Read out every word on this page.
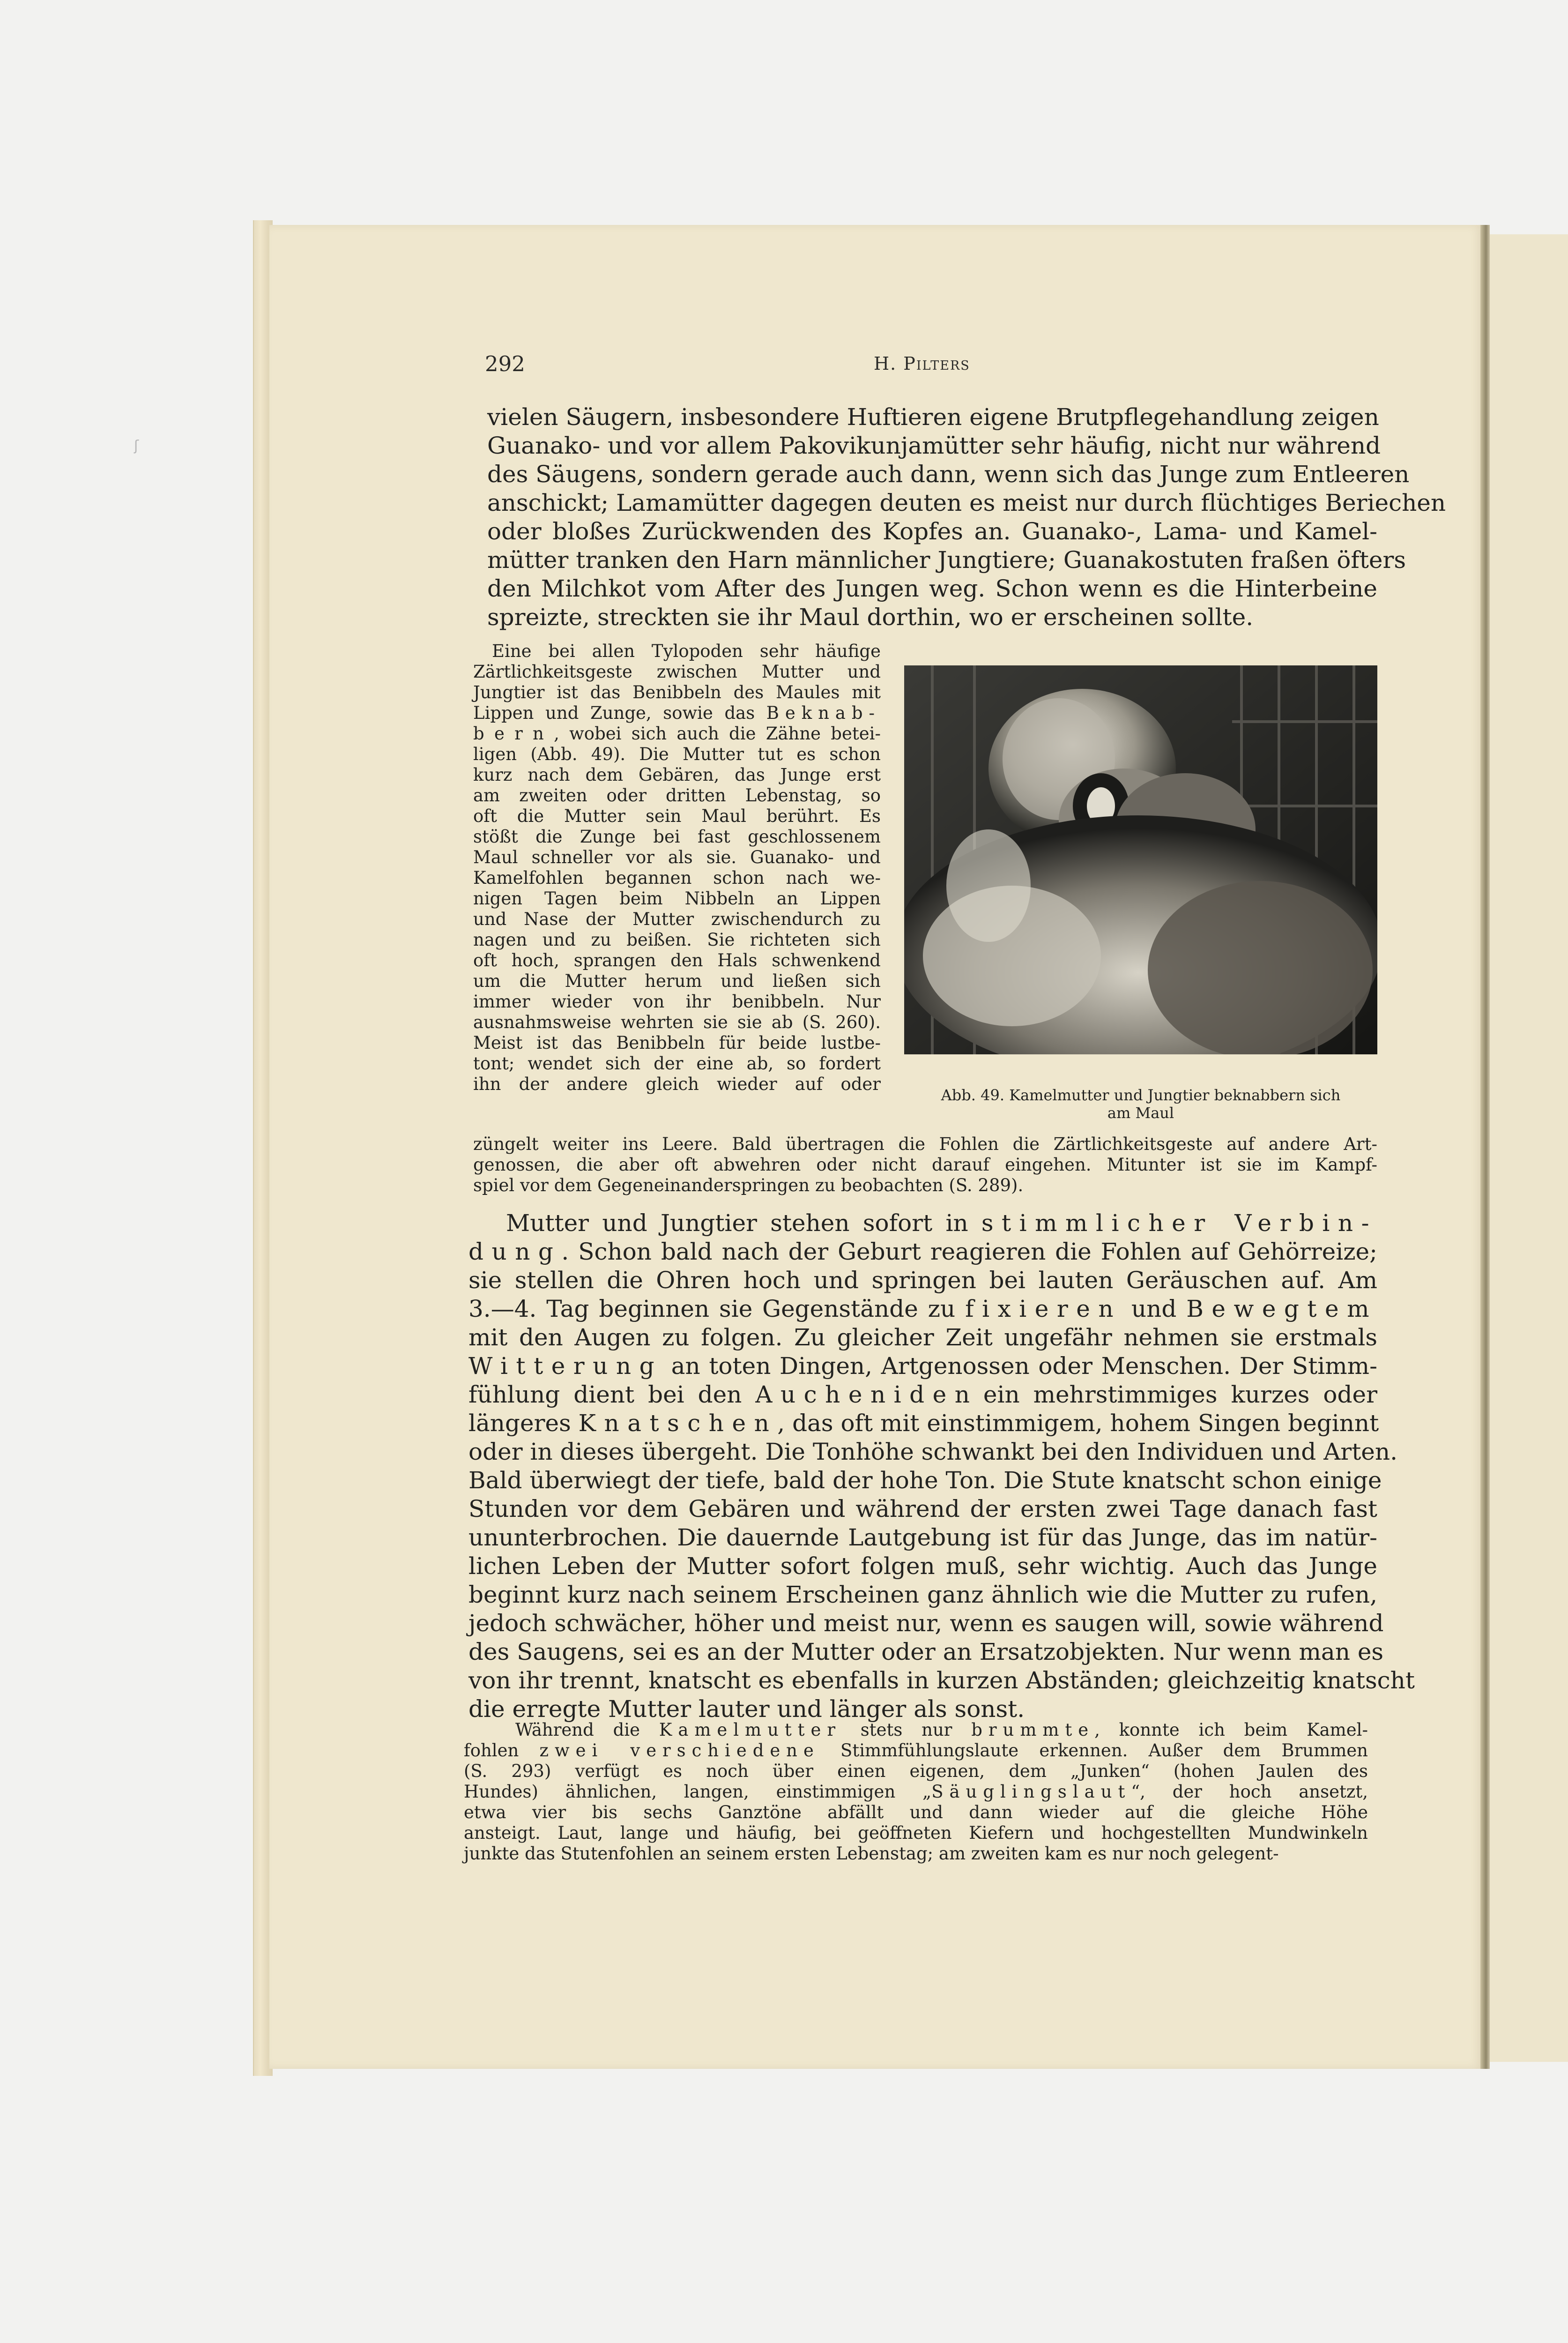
ʃ
292	H. Pilters
vielen Säugern, insbesondere Huftieren eigene Brutpflegehandlung zeigen
Guanako- und vor allem Pakovikunjamütter sehr häufig, nicht nur während
des Säugens, sondern gerade auch dann, wenn sich das Junge zum Entleeren
anschickt; Lamamütter dagegen deuten es meist nur durch flüchtiges Beriechen
oder bloßes Zurückwenden des Kopfes an. Guanako-, Lama- und Kamel-
mütter tranken den Harn männlicher Jungtiere; Guanakostuten fraßen öfters
den Milchkot vom After des Jungen weg. Schon wenn es die Hinterbeine
spreizte, streckten sie ihr Maul dorthin, wo er erscheinen sollte.
Eine bei allen Tylopoden sehr häufige
Zärtlichkeitsgeste zwischen Mutter und
Jungtier ist das Benibbeln des Maules mit
Lippen und Zunge, sowie das Beknab-
b e r n , wobei sich auch die Zähne betei-
ligen (Abb. 49). Die Mutter tut es schon
kurz nach dem Gebären, das Junge erst
am zweiten oder dritten Lebenstag, so
oft die Mutter sein Maul berührt. Es
stößt die Zunge bei fast geschlossenem
Maul schneller vor als sie. Guanako- und
Kamelfohlen begannen schon nach we-
nigen Tagen beim Nibbeln an Lippen
und Nase der Mutter zwischendurch zu
nagen und zu beißen. Sie richteten sich
oft hoch, sprangen den Hals schwenkend
um die Mutter herum und ließen sich
immer wieder von ihr benibbeln. Nur
ausnahmsweise wehrten sie sie ab (S. 260).
Meist ist das Benibbeln für beide lustbe-
tont; wendet sich der eine ab, so fordert
ihn der andere gleich wieder auf oder
züngelt weiter ins Leere. Bald übertragen die Fohlen die Zärtlichkeitsgeste auf andere Art-
genossen, die aber oft abwehren oder nicht darauf eingehen. Mitunter ist sie im Kampf-
spiel vor dem Gegeneinanderspringen zu beobachten (S. 289).
Abb. 49. Kamelmutter und Jungtier beknabbern sich
am Maul
Mutter und Jungtier stehen sofort in stimmlicher Verbin-
dung. Schon bald nach der Geburt reagieren die Fohlen auf Gehörreize;
sie stellen die Ohren hoch und springen bei lauten Geräuschen auf. Am
3.—4. Tag beginnen sie Gegenstände zu fixieren und Bewegtem
mit den Augen zu folgen. Zu gleicher Zeit ungefähr nehmen sie erstmals
Witterung an toten Dingen, Artgenossen oder Menschen. Der Stimm-
fühlung dient bei den Aucheniden ein mehrstimmiges kurzes oder
längeres Knatschen, das oft mit einstimmigem, hohem Singen beginnt
oder in dieses übergeht. Die Tonhöhe schwankt bei den Individuen und Arten.
Bald überwiegt der tiefe, bald der hohe Ton. Die Stute knatscht schon einige
Stunden vor dem Gebären und während der ersten zwei Tage danach fast
ununterbrochen. Die dauernde Lautgebung ist für das Junge, das im natür-
lichen Leben der Mutter sofort folgen muß, sehr wichtig. Auch das Junge
beginnt kurz nach seinem Erscheinen ganz ähnlich wie die Mutter zu rufen,
jedoch schwächer, höher und meist nur, wenn es saugen will, sowie während
des Saugens, sei es an der Mutter oder an Ersatzobjekten. Nur wenn man es
von ihr trennt, knatscht es ebenfalls in kurzen Abständen; gleichzeitig knatscht
die erregte Mutter lauter und länger als sonst.
Während die Kamelmutter stets nur brummte, konnte ich beim Kamel-
fohlen zwei verschiedene Stimmfühlungslaute erkennen. Außer dem Brummen
(S. 293) verfügt es noch über einen eigenen, dem „Junken“ (hohen Jaulen des
Hundes) ähnlichen, langen, einstimmigen „Säuglingslaut“, der hoch ansetzt,
etwa vier bis sechs Ganztöne abfällt und dann wieder auf die gleiche Höhe
ansteigt. Laut, lange und häufig, bei geöffneten Kiefern und hochgestellten Mundwinkeln
junkte das Stutenfohlen an seinem ersten Lebenstag; am zweiten kam es nur noch gelegent-
